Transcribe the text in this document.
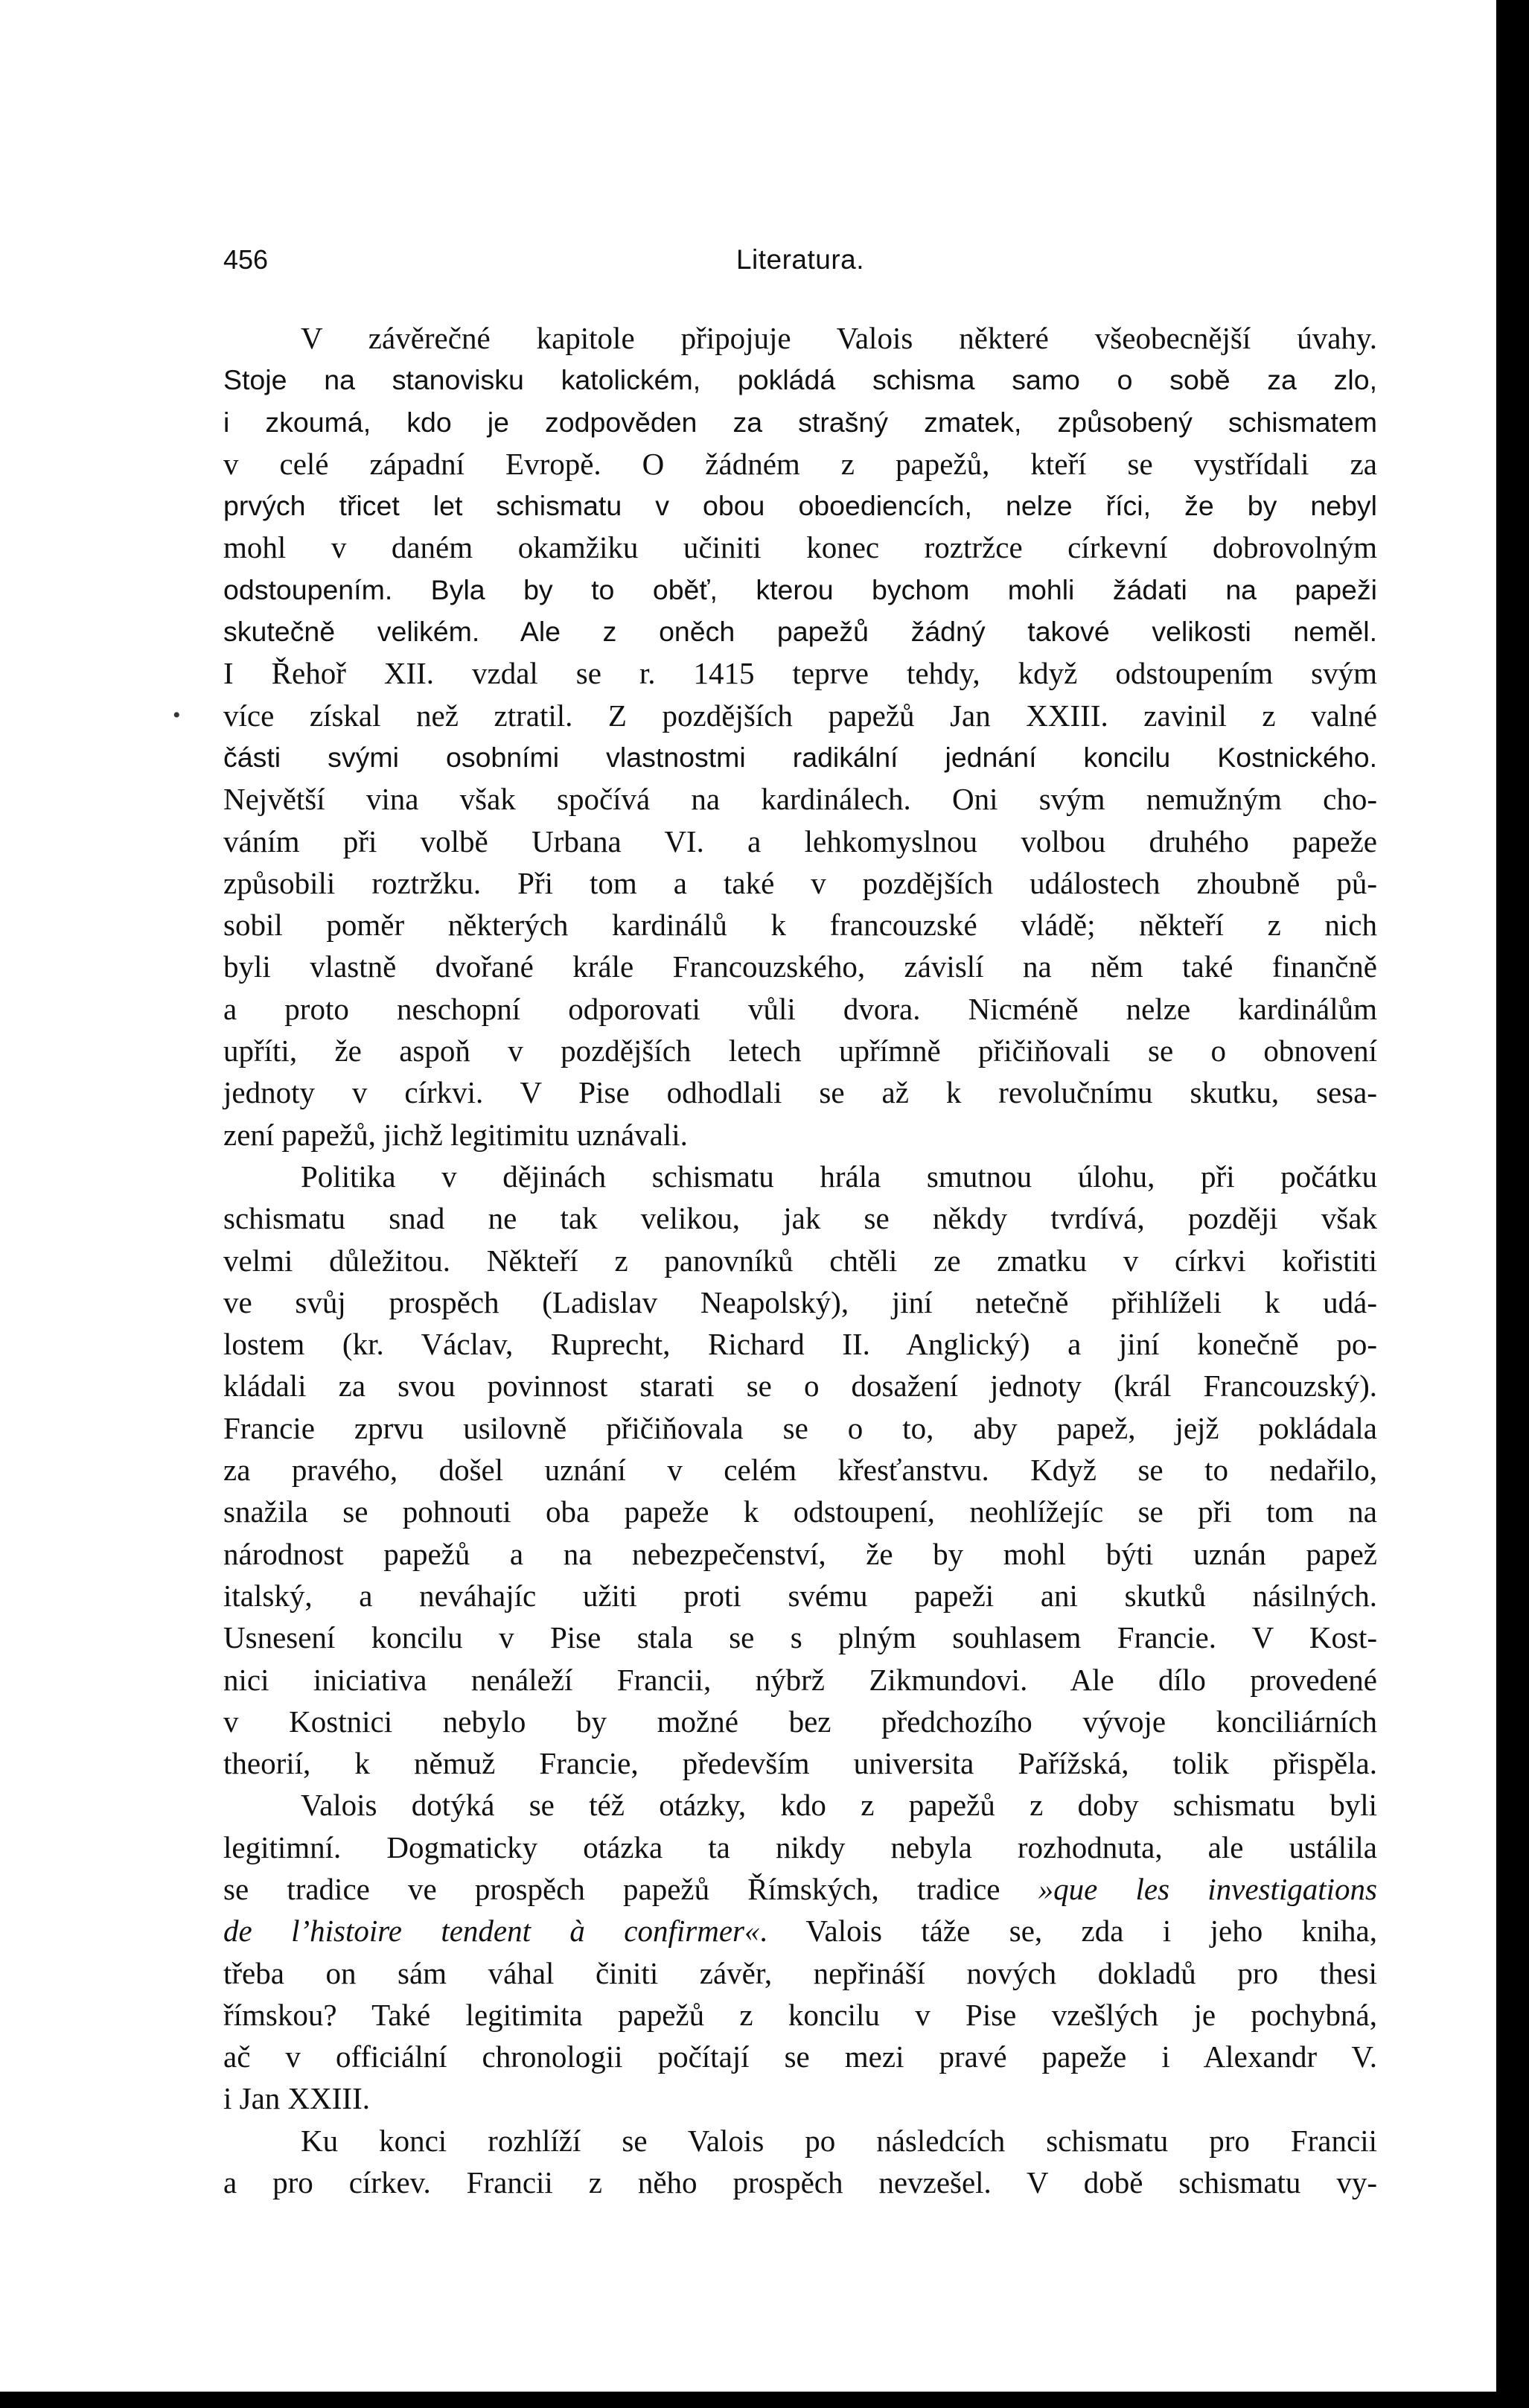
456	Literatura.
•
V závěrečné kapitole připojuje Valois některé všeobecnější úvahy.
Stoje na stanovisku katolickém, pokládá schisma samo o sobě za zlo,
i zkoumá, kdo je zodpověden za strašný zmatek, způsobený schismatem
v celé západní Evropě. O žádném z papežů, kteří se vystřídali za
prvých třicet let schismatu v obou oboediencích, nelze říci, že by nebyl
mohl v daném okamžiku učiniti konec roztržce církevní dobrovolným
odstoupením. Byla by to oběť, kterou bychom mohli žádati na papeži
skutečně velikém. Ale z oněch papežů žádný takové velikosti neměl.
I Řehoř XII. vzdal se r. 1415 teprve tehdy, když odstoupením svým
více získal než ztratil. Z pozdějších papežů Jan XXIII. zavinil z valné
části svými osobními vlastnostmi radikální jednání koncilu Kostnického.
Největší vina však spočívá na kardinálech. Oni svým nemužným cho-
váním při volbě Urbana VI. a lehkomyslnou volbou druhého papeže
způsobili roztržku. Při tom a také v pozdějších událostech zhoubně pů-
sobil poměr některých kardinálů k francouzské vládě; někteří z nich
byli vlastně dvořané krále Francouzského, závislí na něm také finančně
a proto neschopní odporovati vůli dvora. Nicméně nelze kardinálům
upříti, že aspoň v pozdějších letech upřímně přičiňovali se o obnovení
jednoty v církvi. V Pise odhodlali se až k revolučnímu skutku, sesa-
zení papežů, jichž legitimitu uznávali.
Politika v dějinách schismatu hrála smutnou úlohu, při počátku
schismatu snad ne tak velikou, jak se někdy tvrdívá, později však
velmi důležitou. Někteří z panovníků chtěli ze zmatku v církvi kořistiti
ve svůj prospěch (Ladislav Neapolský), jiní netečně přihlíželi k udá-
lostem (kr. Václav, Ruprecht, Richard II. Anglický) a jiní konečně po-
kládali za svou povinnost starati se o dosažení jednoty (král Francouzský).
Francie zprvu usilovně přičiňovala se o to, aby papež, jejž pokládala
za pravého, došel uznání v celém křesťanstvu. Když se to nedařilo,
snažila se pohnouti oba papeže k odstoupení, neohlížejíc se při tom na
národnost papežů a na nebezpečenství, že by mohl býti uznán papež
italský, a neváhajíc užiti proti svému papeži ani skutků násilných.
Usnesení koncilu v Pise stala se s plným souhlasem Francie. V Kost-
nici iniciativa nenáleží Francii, nýbrž Zikmundovi. Ale dílo provedené
v Kostnici nebylo by možné bez předchozího vývoje konciliárních
theorií, k němuž Francie, především universita Pařížská, tolik přispěla.
Valois dotýká se též otázky, kdo z papežů z doby schismatu byli
legitimní. Dogmaticky otázka ta nikdy nebyla rozhodnuta, ale ustálila
se tradice ve prospěch papežů Římských, tradice »que les investigations
de l’histoire tendent à confirmer«. Valois táže se, zda i jeho kniha,
třeba on sám váhal činiti závěr, nepřináší nových dokladů pro thesi
římskou? Také legitimita papežů z koncilu v Pise vzešlých je pochybná,
ač v officiální chronologii počítají se mezi pravé papeže i Alexandr V.
i Jan XXIII.
Ku konci rozhlíží se Valois po následcích schismatu pro Francii
a pro církev. Francii z něho prospěch nevzešel. V době schismatu vy-
